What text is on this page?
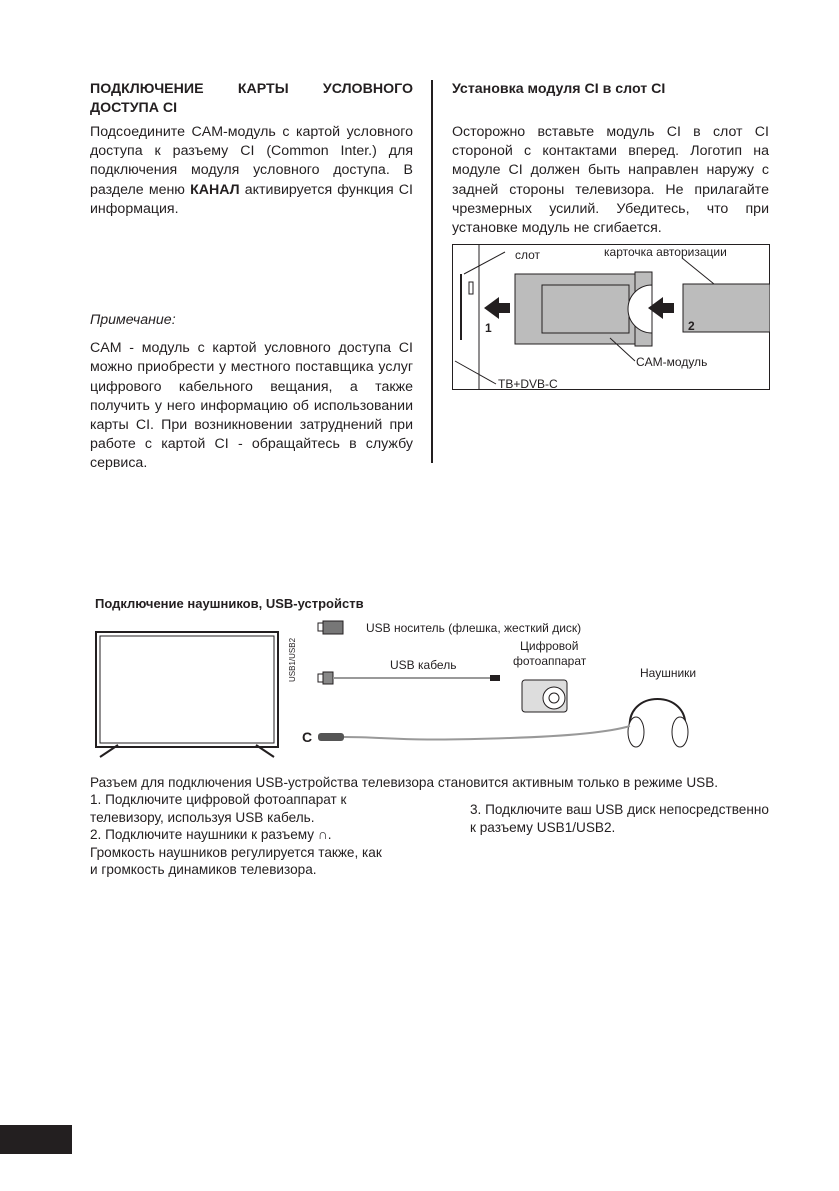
ПОДКЛЮЧЕНИЕ КАРТЫ УСЛОВНОГО
ДОСТУПА CI

Подсоедините CAM-модуль с картой условного доступа к разъему CI (Common Inter.) для подключения модуля условного доступа. В разделе меню КАНАЛ активируется функция CI информация.

Примечание:

CAM - модуль с картой условного доступа CI можно приобрести у местного поставщика услуг цифрового кабельного вещания, а также получить у него информацию об использовании карты CI. При возникновении затруднений при работе с картой CI - обращайтесь в службу сервиса.

Установка модуля CI в слот CI

Осторожно вставьте модуль CI в слот CI стороной с контактами вперед. Логотип на модуле CI должен быть направлен наружу с задней стороны телевизора. Не прилагайте чрезмерных усилий. Убедитесь, что при установке модуль не сгибается.

слот	карточка авторизации
1	2
CAM-модуль
ТВ+DVB-C
Подключение наушников, USB-устройств
USB1/USB2
USB носитель (флешка, жесткий диск)
Цифровой
фотоаппарат
USB кабель
Наушники
C
Разъем для подключения USB-устройства телевизора становится активным только в режиме USB.
1. Подключите цифровой фотоаппарат к телевизору, используя USB кабель.
2. Подключите наушники к разъему ∩.
Громкость наушников регулируется также, как и громкость динамиков телевизора.
3. Подключите ваш USB диск непосредственно к разъему USB1/USB2.
